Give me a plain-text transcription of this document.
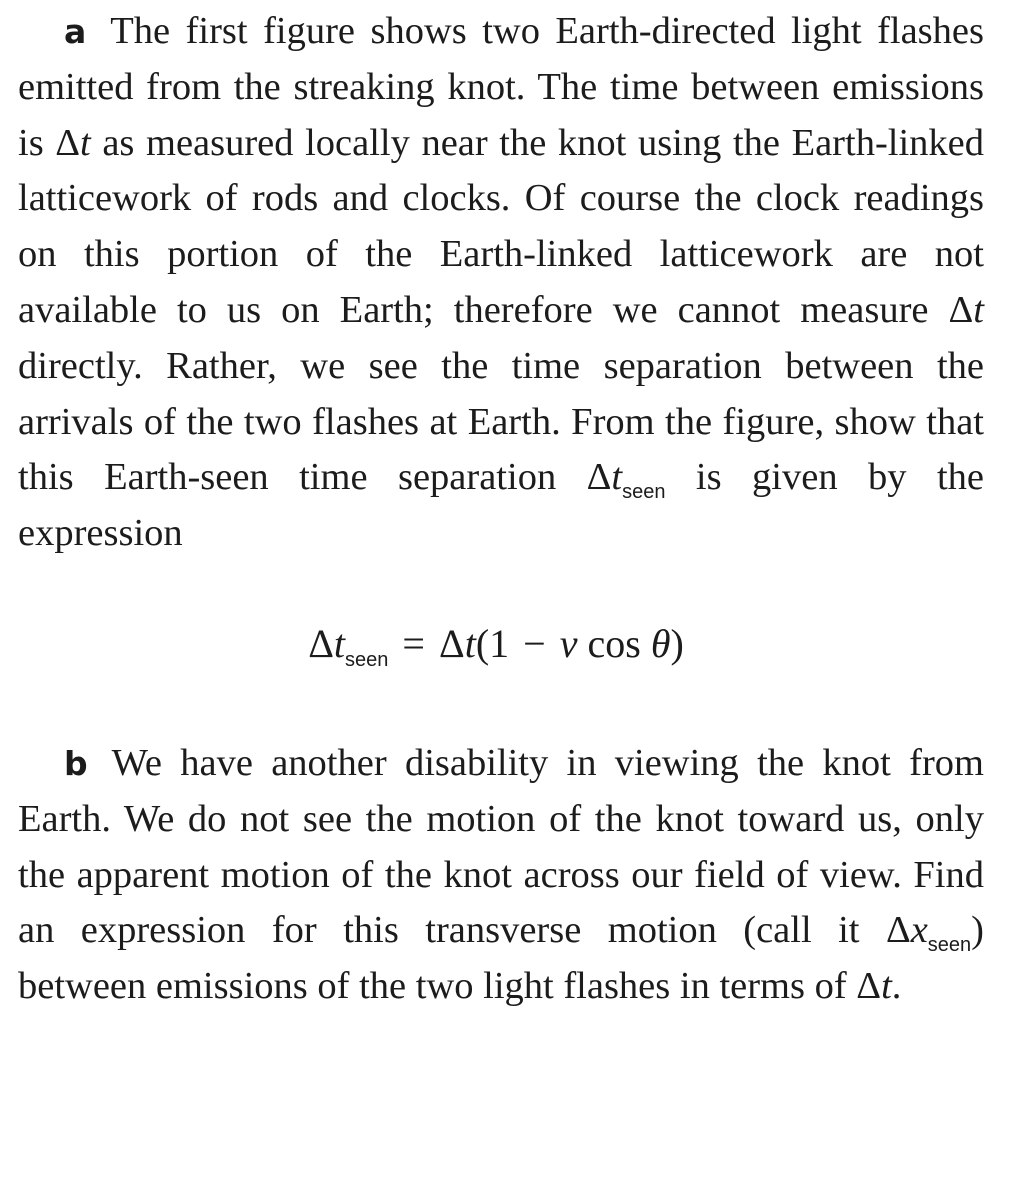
a The first figure shows two Earth-directed light flashes emitted from the streaking knot. The time between emissions is Δt as measured locally near the knot using the Earth-linked latticework of rods and clocks. Of course the clock readings on this portion of the Earth-linked latticework are not available to us on Earth; therefore we cannot measure Δt directly. Rather, we see the time separation between the arrivals of the two flashes at Earth. From the figure, show that this Earth-seen time separation $\Delta t_{seen}$ is given by the expression

$\Delta t_{seen} = \Delta t(1 - v$ cos θ)

b We have another disability in viewing the knot from Earth. We do not see the motion of the knot toward us, only the apparent motion of the knot across our field of view. Find an expression for this transverse motion (call it $\Delta x_{seen}$) between emissions of the two light flashes in terms of Δt.
